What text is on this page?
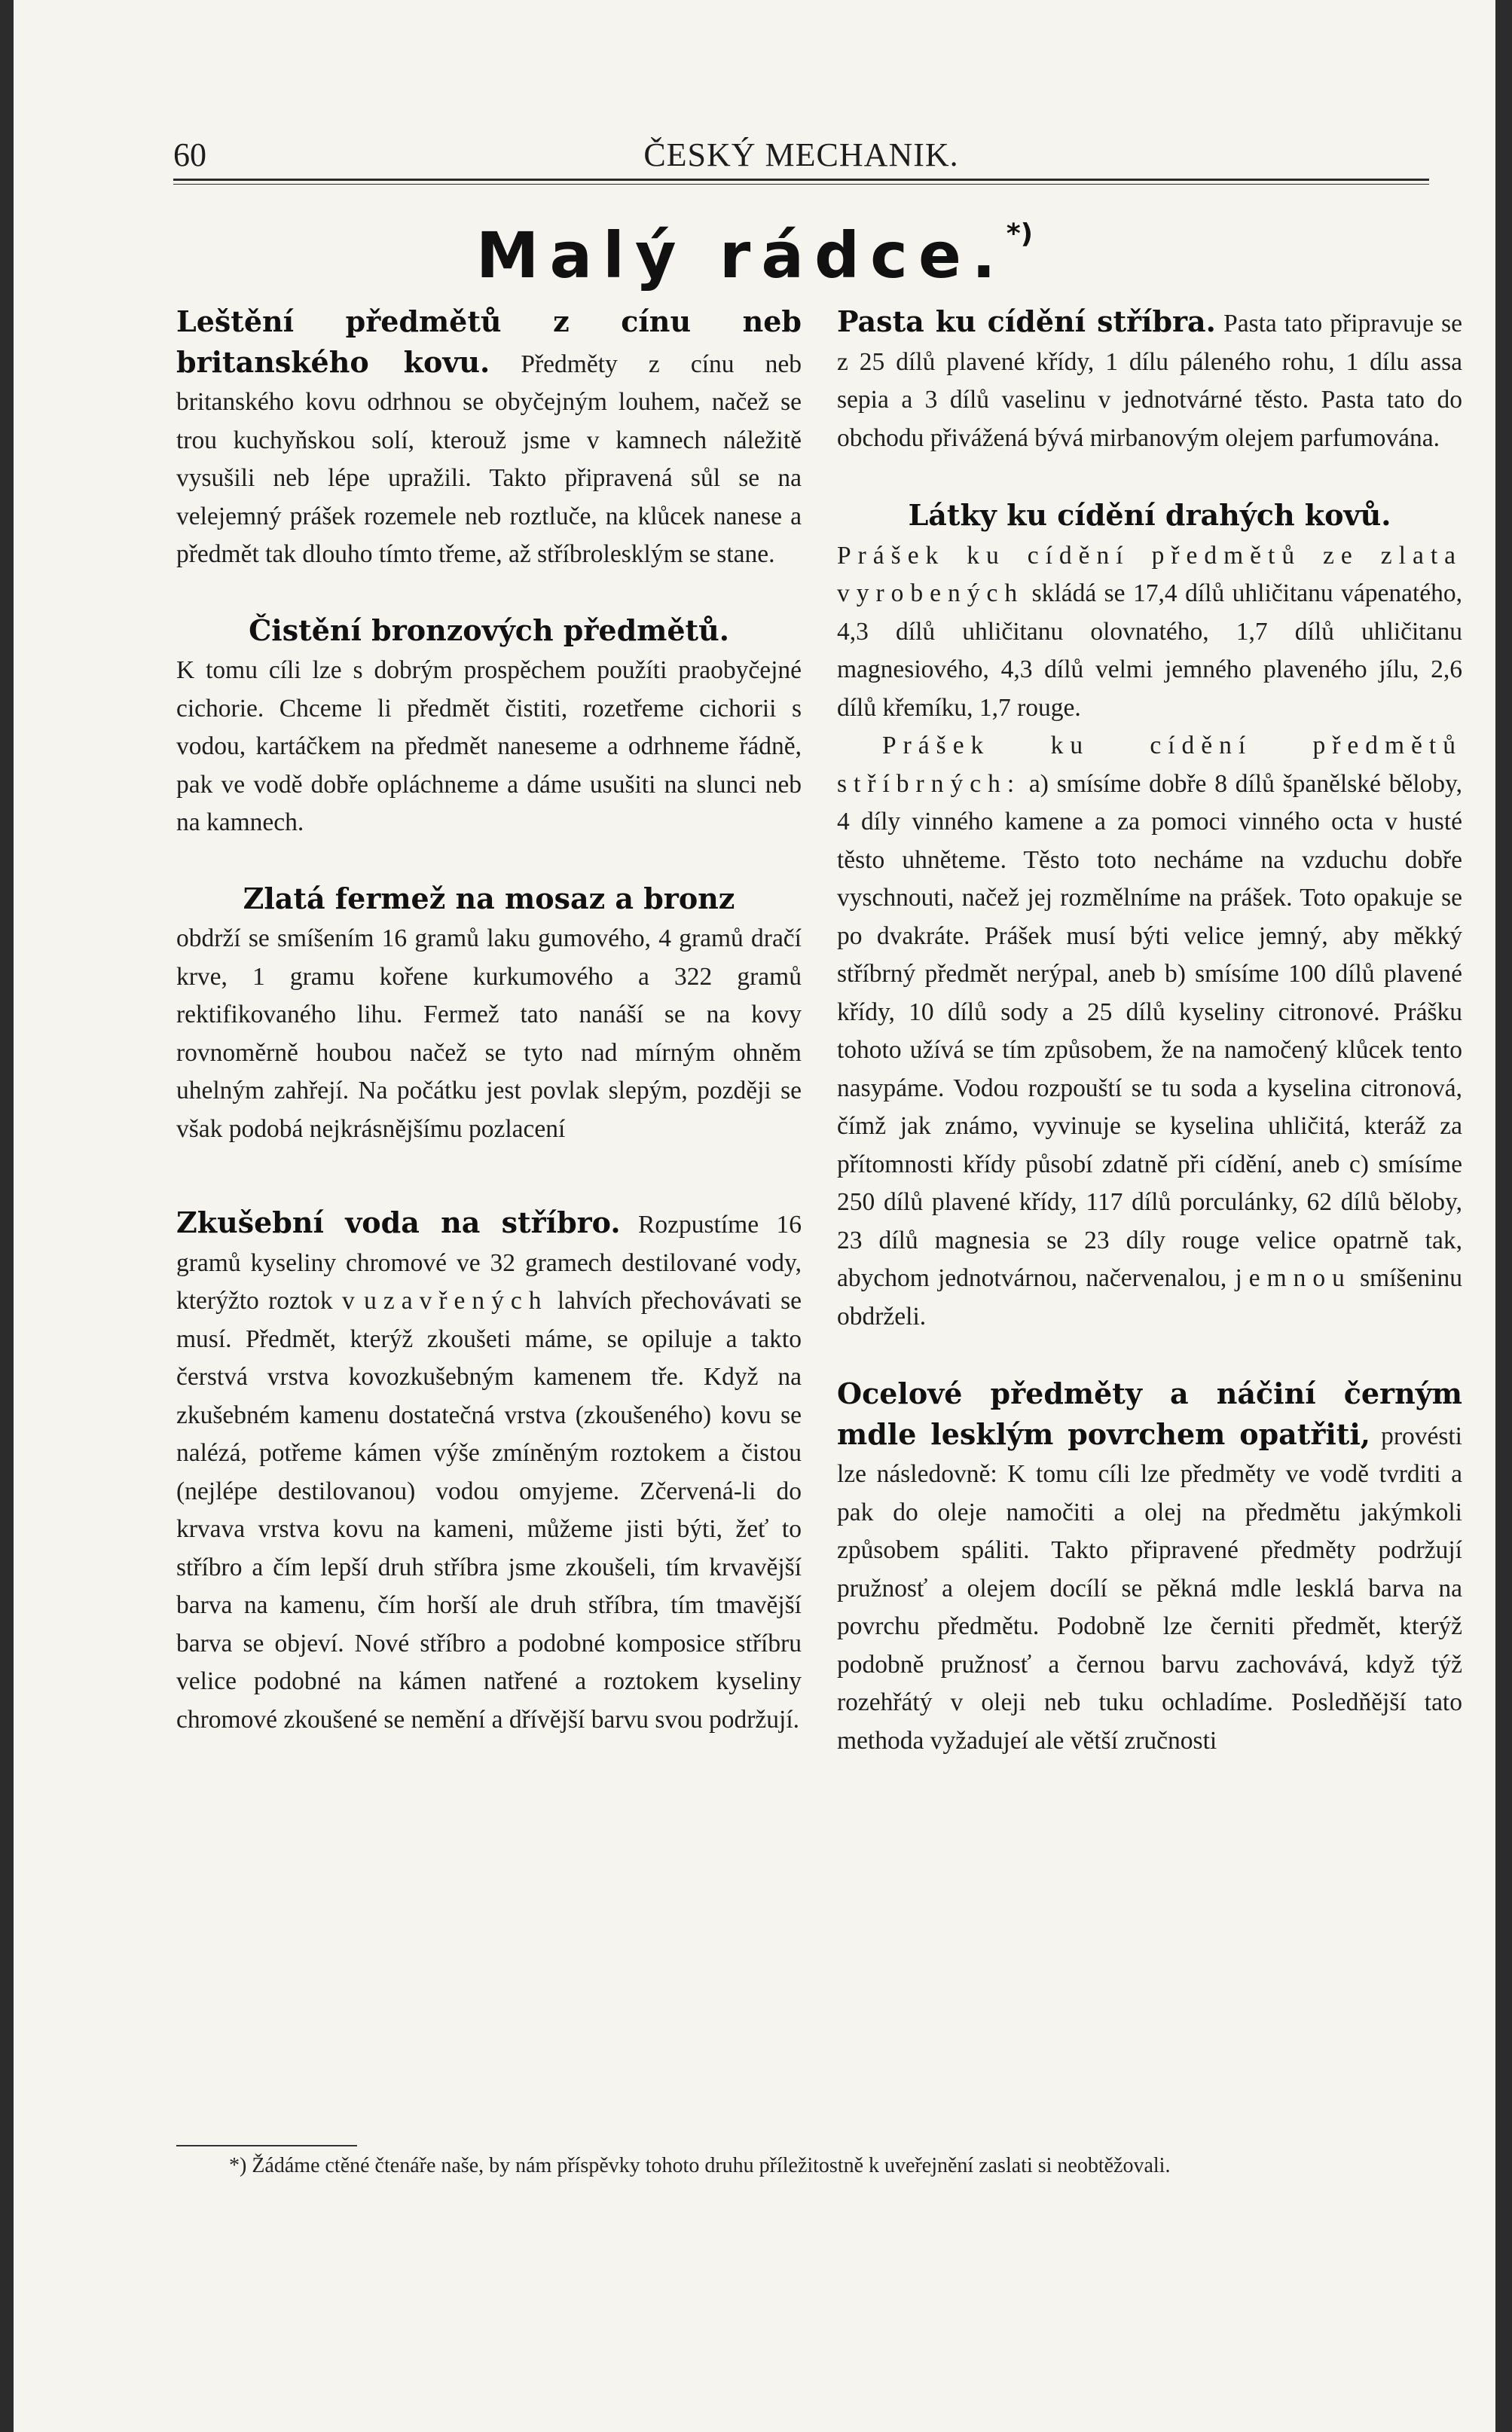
60	ČESKÝ MECHANIK.
Malý rádce.*)

Leštění předmětů z cínu neb britanského kovu. Předměty z cínu neb britanského kovu odrhnou se obyčejným louhem, načež se trou kuchyňskou solí, kterouž jsme v kamnech náležitě vysušili neb lépe upražili. Takto připravená sůl se na velejemný prášek rozemele neb roztluče, na klůcek nanese a předmět tak dlouho tímto třeme, až stříbrolesklým se stane.

Čistění bronzových předmětů.

K tomu cíli lze s dobrým prospěchem použíti praobyčejné cichorie. Chceme li předmět čistiti, rozetřeme cichorii s vodou, kartáčkem na předmět naneseme a odrhneme řádně, pak ve vodě dobře opláchneme a dáme usušiti na slunci neb na kamnech.

Zlatá fermež na mosaz a bronz

obdrží se smíšením 16 gramů laku gumového, 4 gramů dračí krve, 1 gramu kořene kurkumového a 322 gramů rektifikovaného lihu. Fermež tato nanáší se na kovy rovnoměrně houbou načež se tyto nad mírným ohněm uhelným zahřejí. Na počátku jest povlak slepým, později se však podobá nejkrásnějšímu pozlacení

Zkušební voda na stříbro. Rozpustíme 16 gramů kyseliny chromové ve 32 gramech destilované vody, kterýžto roztok v uzavřených lahvích přechovávati se musí. Předmět, kterýž zkoušeti máme, se opiluje a takto čerstvá vrstva kovozkušebným kamenem tře. Když na zkušebném kamenu dostatečná vrstva (zkoušeného) kovu se nalézá, potřeme kámen výše zmíněným roztokem a čistou (nejlépe destilovanou) vodou omyjeme. Zčervená-li do krvava vrstva kovu na kameni, můžeme jisti býti, žeť to stříbro a čím lepší druh stříbra jsme zkoušeli, tím krvavější barva na kamenu, čím horší ale druh stříbra, tím tmavější barva se objeví. Nové stříbro a podobné komposice stříbru velice podobné na kámen natřené a roztokem kyseliny chromové zkoušené se nemění a dřívější barvu svou podržují.

Pasta ku cídění stříbra. Pasta tato připravuje se z 25 dílů plavené křídy, 1 dílu páleného rohu, 1 dílu assa sepia a 3 dílů vaselinu v jednotvárné těsto. Pasta tato do obchodu přivážená bývá mirbanovým olejem parfumována.

Látky ku cídění drahých kovů.

Prášek ku cídění předmětů ze zlata vyrobených skládá se 17,4 dílů uhličitanu vápenatého, 4,3 dílů uhličitanu olovnatého, 1,7 dílů uhličitanu magnesiového, 4,3 dílů velmi jemného plaveného jílu, 2,6 dílů křemíku, 1,7 rouge.

Prášek ku cídění předmětů stříbrných: a) smísíme dobře 8 dílů španělské běloby, 4 díly vinného kamene a za pomoci vinného octa v husté těsto uhněteme. Těsto toto necháme na vzduchu dobře vyschnouti, načež jej rozmělníme na prášek. Toto opakuje se po dvakráte. Prášek musí býti velice jemný, aby měkký stříbrný předmět nerýpal, aneb b) smísíme 100 dílů plavené křídy, 10 dílů sody a 25 dílů kyseliny citronové. Prášku tohoto užívá se tím způsobem, že na namočený klůcek tento nasypáme. Vodou rozpouští se tu soda a kyselina citronová, čímž jak známo, vyvinuje se kyselina uhličitá, kteráž za přítomnosti křídy působí zdatně při cídění, aneb c) smísíme 250 dílů plavené křídy, 117 dílů porculánky, 62 dílů běloby, 23 dílů magnesia se 23 díly rouge velice opatrně tak, abychom jednotvárnou, načervenalou, jemnou smíšeninu obdrželi.

Ocelové předměty a náčiní černým mdle lesklým povrchem opatřiti, provésti lze následovně: K tomu cíli lze předměty ve vodě tvrditi a pak do oleje namočiti a olej na předmětu jakýmkoli způsobem spáliti. Takto připravené předměty podržují pružnosť a olejem docílí se pěkná mdle lesklá barva na povrchu předmětu. Podobně lze černiti předmět, kterýž podobně pružnosť a černou barvu zachovává, když týž rozehřátý v oleji neb tuku ochladíme. Posledňější tato methoda vyžadujeí ale větší zručnosti

*) Žádáme ctěné čtenáře naše, by nám příspěvky tohoto druhu příležitostně k uveřejnění zaslati si neobtěžovali.
